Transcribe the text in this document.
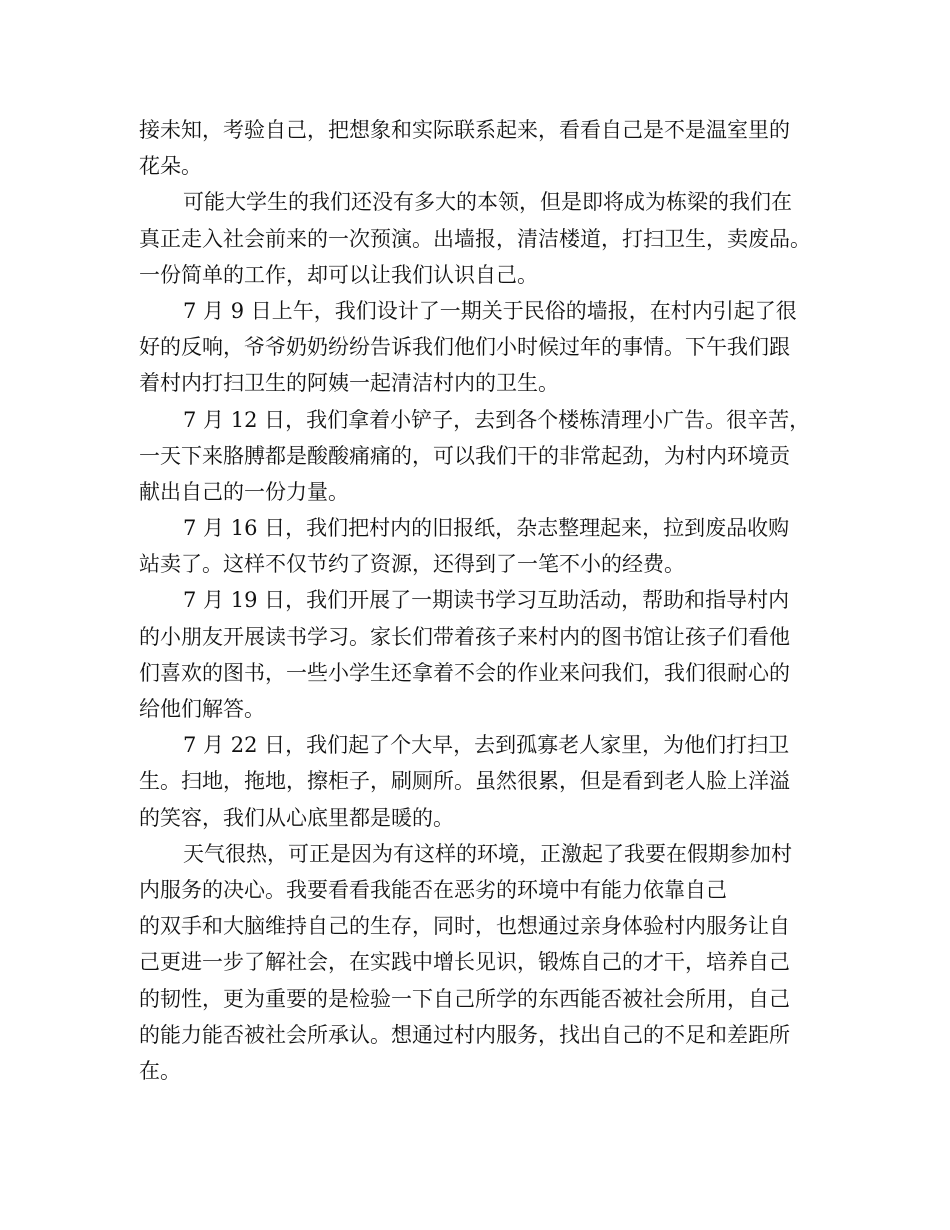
接未知，考验自己，把想象和实际联系起来，看看自己是不是温室里的
花朵。
可能大学生的我们还没有多大的本领，但是即将成为栋梁的我们在
真正走入社会前来的一次预演。出墙报，清洁楼道，打扫卫生，卖废品。
一份简单的工作，却可以让我们认识自己。
7 月 9 日上午，我们设计了一期关于民俗的墙报，在村内引起了很
好的反响，爷爷奶奶纷纷告诉我们他们小时候过年的事情。下午我们跟
着村内打扫卫生的阿姨一起清洁村内的卫生。
7 月 12 日，我们拿着小铲子，去到各个楼栋清理小广告。很辛苦，
一天下来胳膊都是酸酸痛痛的，可以我们干的非常起劲，为村内环境贡
献出自己的一份力量。
7 月 16 日，我们把村内的旧报纸，杂志整理起来，拉到废品收购
站卖了。这样不仅节约了资源，还得到了一笔不小的经费。
7 月 19 日，我们开展了一期读书学习互助活动，帮助和指导村内
的小朋友开展读书学习。家长们带着孩子来村内的图书馆让孩子们看他
们喜欢的图书，一些小学生还拿着不会的作业来问我们，我们很耐心的
给他们解答。
7 月 22 日，我们起了个大早，去到孤寡老人家里，为他们打扫卫
生。扫地，拖地，擦柜子，刷厕所。虽然很累，但是看到老人脸上洋溢
的笑容，我们从心底里都是暖的。
天气很热，可正是因为有这样的环境，正激起了我要在假期参加村
内服务的决心。我要看看我能否在恶劣的环境中有能力依靠自己
的双手和大脑维持自己的生存，同时，也想通过亲身体验村内服务让自
己更进一步了解社会，在实践中增长见识，锻炼自己的才干，培养自己
的韧性，更为重要的是检验一下自己所学的东西能否被社会所用，自己
的能力能否被社会所承认。想通过村内服务，找出自己的不足和差距所
在。
